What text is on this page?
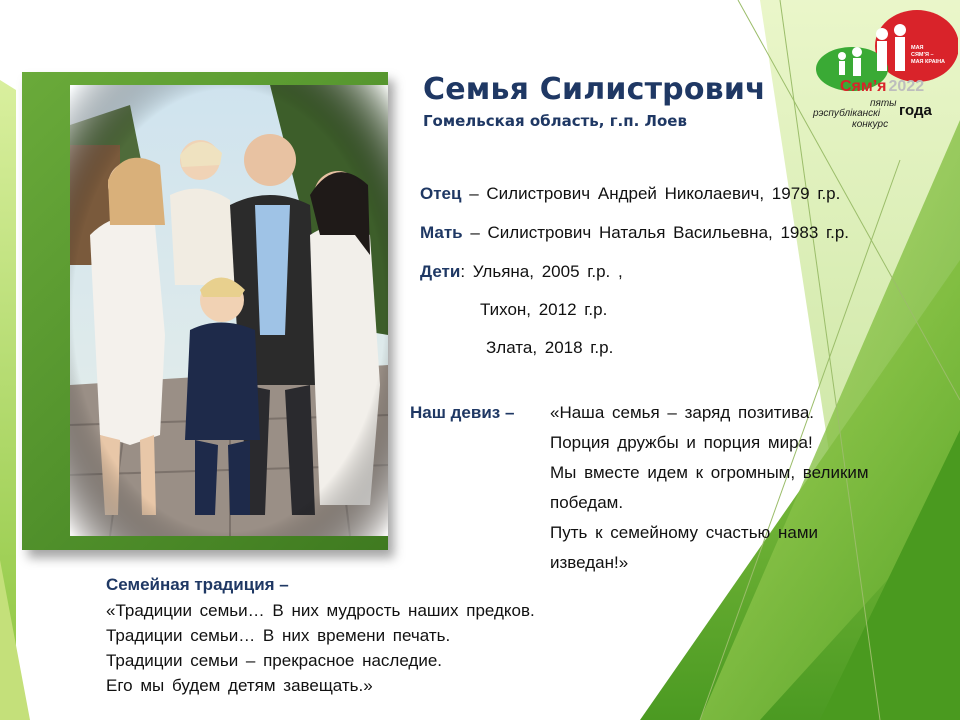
МАЯ
СЯМ’Я –
МАЯ КРАІНА
Сям’я 2022
пяты
рэспубліканскі
конкурс
года
Семья Силистрович
Гомельская область, г.п. Лоев
Отец – Силистрович Андрей Николаевич, 1979 г.р.
Мать – Силистрович Наталья Васильевна, 1983 г.р.
Дети: Ульяна, 2005 г.р. ,
Тихон, 2012 г.р.
Злата, 2018 г.р.
Наш девиз – «Наша семья – заряд позитива.
Порция дружбы и порция мира!
Мы вместе идем к огромным, великим
победам.
Путь к семейному счастью нами
изведан!»
Семейная традиция –
«Традиции семьи… В них мудрость наших предков.
Традиции семьи… В них времени печать.
Традиции семьи – прекрасное наследие.
Его мы будем детям завещать.»
